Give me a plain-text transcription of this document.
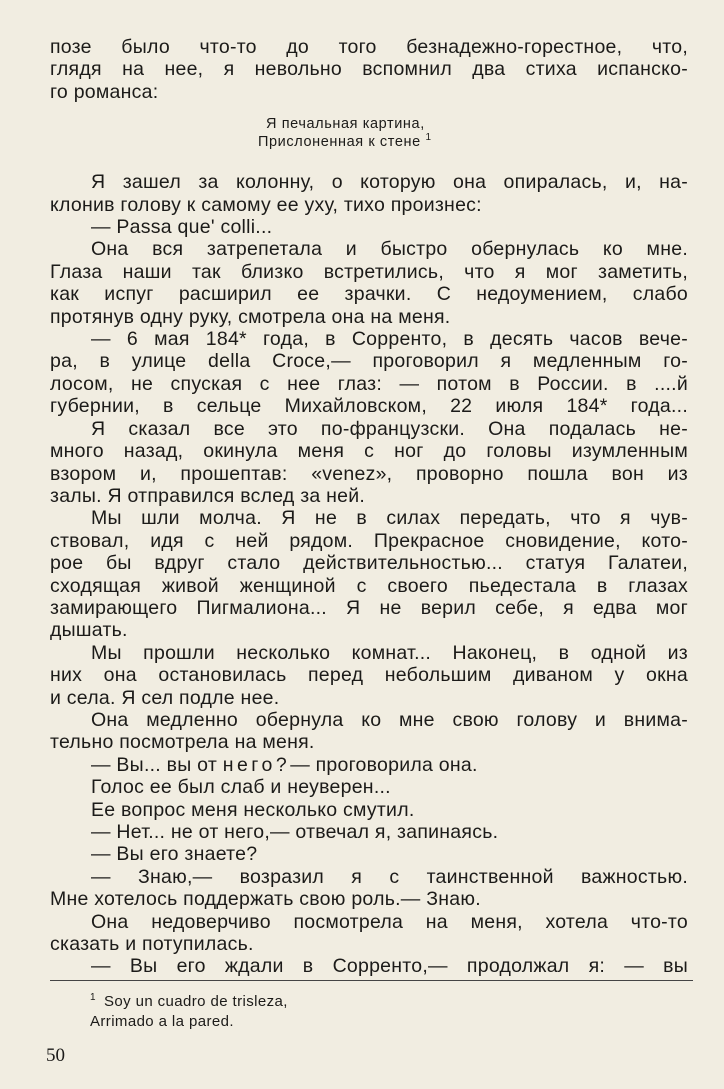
позе было что-то до того безнадежно-горестное, что,
глядя на нее, я невольно вспомнил два стиха испанско-
го романса:

Я печальная картина,
Прислоненная к стене $^1$

Я зашел за колонну, о которую она опиралась, и, на-
клонив голову к самому ее уху, тихо произнес:

— Passa que' colli...

Она вся затрепетала и быстро обернулась ко мне.
Глаза наши так близко встретились, что я мог заметить,
как испуг расширил ее зрачки. С недоумением, слабо
протянув одну руку, смотрела она на меня.

— 6 мая 184* года, в Сорренто, в десять часов вече-
ра, в улице della Croce,— проговорил я медленным го-
лосом, не спуская с нее глаз: — потом в России. в ....й
губернии, в сельце Михайловском, 22 июля 184* года...

Я сказал все это по-французски. Она подалась не-
много назад, окинула меня с ног до головы изумленным
взором и, прошептав: «venez», проворно пошла вон из
залы. Я отправился вслед за ней.

Мы шли молча. Я не в силах передать, что я чув-
ствовал, идя с ней рядом. Прекрасное сновидение, кото-
рое бы вдруг стало действительностью... статуя Галатеи,
сходящая живой женщиной с своего пьедестала в глазах
замирающего Пигмалиона... Я не верил себе, я едва мог
дышать.

Мы прошли несколько комнат... Наконец, в одной из
них она остановилась перед небольшим диваном у окна
и села. Я сел подле нее.

Она медленно обернула ко мне свою голову и внима-
тельно посмотрела на меня.

— Вы... вы от него?— проговорила она.

Голос ее был слаб и неуверен...

Ее вопрос меня несколько смутил.

— Нет... не от него,— отвечал я, запинаясь.

— Вы его знаете?

— Знаю,— возразил я с таинственной важностью.
Мне хотелось поддержать свою роль.— Знаю.

Она недоверчиво посмотрела на меня, хотела что-то
сказать и потупилась.

— Вы его ждали в Сорренто,— продолжал я: — вы

$^1$ Soy un cuadro de trisleza,
Arrimado a la pared.
50
